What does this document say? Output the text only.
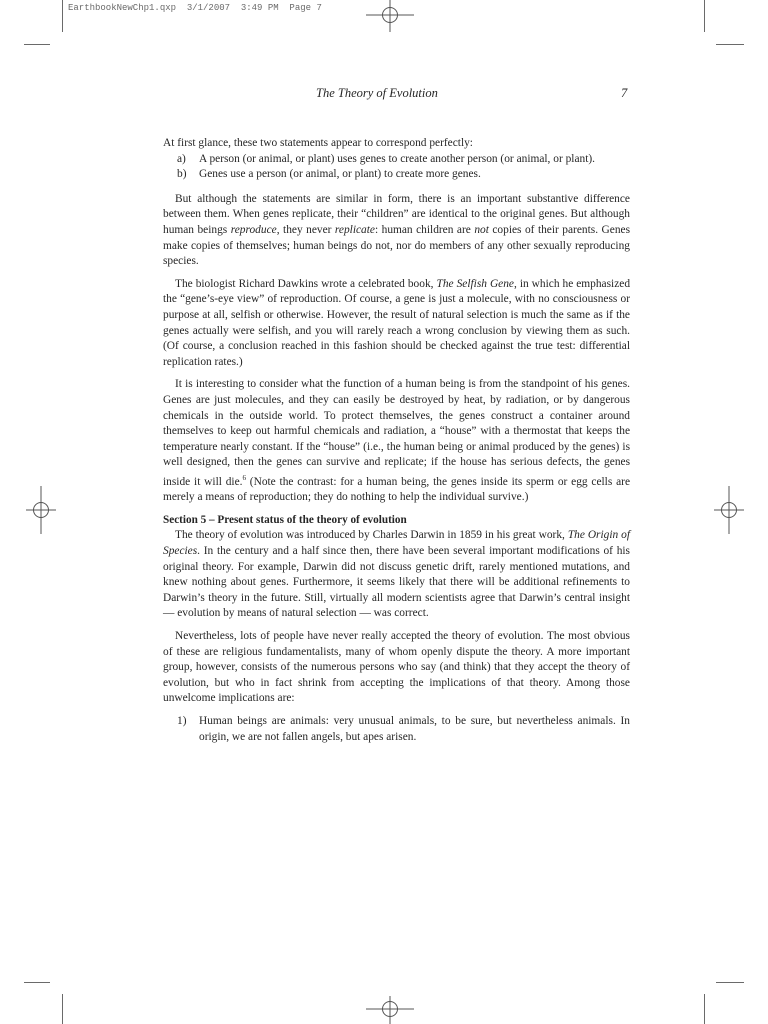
EarthbookNewChp1.qxp  3/1/2007  3:49 PM  Page 7
The Theory of Evolution	7

At first glance, these two statements appear to correspond perfectly:

a)	A person (or animal, or plant) uses genes to create another person (or animal, or plant).
b)	Genes use a person (or animal, or plant) to create more genes.

But although the statements are similar in form, there is an important substantive difference between them. When genes replicate, their “children” are identical to the original genes. But although human beings reproduce, they never replicate: human children are not copies of their parents. Genes make copies of themselves; human beings do not, nor do members of any other sexually reproducing species.

The biologist Richard Dawkins wrote a celebrated book, The Selfish Gene, in which he emphasized the “gene’s-eye view” of reproduction. Of course, a gene is just a molecule, with no consciousness or purpose at all, selfish or otherwise. However, the result of natural selection is much the same as if the genes actually were selfish, and you will rarely reach a wrong conclusion by viewing them as such. (Of course, a conclusion reached in this fashion should be checked against the true test: differential replication rates.)

It is interesting to consider what the function of a human being is from the standpoint of his genes. Genes are just molecules, and they can easily be destroyed by heat, by radiation, or by dangerous chemicals in the outside world. To protect themselves, the genes construct a container around themselves to keep out harmful chemicals and radiation, a “house” with a thermostat that keeps the temperature nearly constant. If the “house” (i.e., the human being or animal produced by the genes) is well designed, then the genes can survive and replicate; if the house has serious defects, the genes inside it will die.$^6$ (Note the contrast: for a human being, the genes inside its sperm or egg cells are merely a means of reproduction; they do nothing to help the individual survive.)

Section 5 – Present status of the theory of evolution

The theory of evolution was introduced by Charles Darwin in 1859 in his great work, The Origin of Species. In the century and a half since then, there have been several important modifications of his original theory. For example, Darwin did not discuss genetic drift, rarely mentioned mutations, and knew nothing about genes. Furthermore, it seems likely that there will be additional refinements to Darwin’s theory in the future. Still, virtually all modern scientists agree that Darwin’s central insight — evolution by means of natural selection — was correct.

Nevertheless, lots of people have never really accepted the theory of evolution. The most obvious of these are religious fundamentalists, many of whom openly dispute the theory. A more important group, however, consists of the numerous persons who say (and think) that they accept the theory of evolution, but who in fact shrink from accepting the implications of that theory. Among those unwelcome implications are:

1)	Human beings are animals: very unusual animals, to be sure, but nevertheless animals. In origin, we are not fallen angels, but apes arisen.
